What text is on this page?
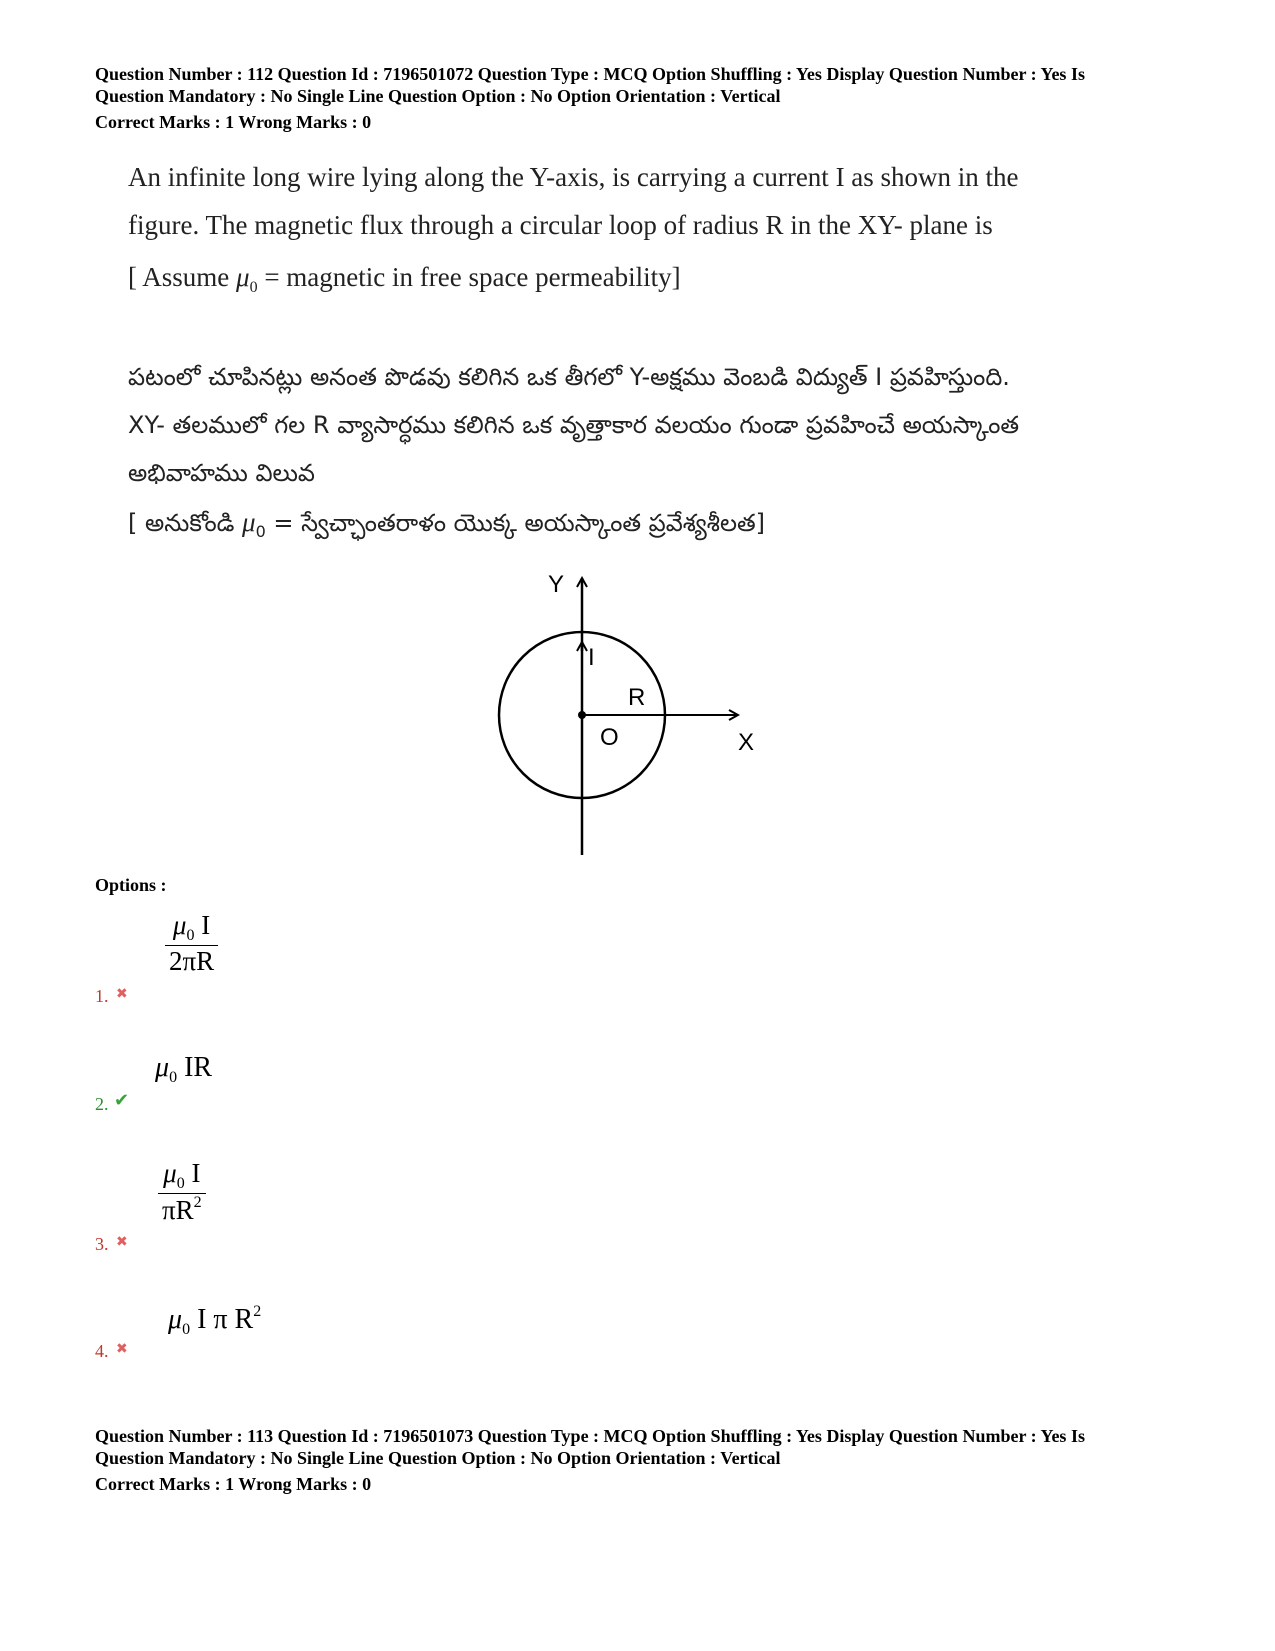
Question Number : 112 Question Id : 7196501072 Question Type : MCQ Option Shuffling : Yes Display Question Number : Yes Is
Question Mandatory : No Single Line Question Option : No Option Orientation : Vertical
Correct Marks : 1 Wrong Marks : 0
An infinite long wire lying along the Y-axis, is carrying a current I as shown in the
figure. The magnetic flux through a circular loop of radius R in the XY- plane is
[ Assume $\mu_0$ = magnetic in free space permeability]
పటంలో చూపినట్లు అనంత పొడవు కలిగిన ఒక తీగలో Y-అక్షము వెంబడి విద్యుత్ I ప్రవహిస్తుంది.
XY- తలములో గల R వ్యాసార్ధము కలిగిన ఒక వృత్తాకార వలయం గుండా ప్రవహించే అయస్కాంత
అభివాహము విలువ
[ అనుకోండి $\mu_0$ = స్వేచ్ఛాంతరాళం యొక్క అయస్కాంత ప్రవేశ్యశీలత]
Y
I
R
O	X
Options :
$\frac{\mu_0 I}{2\pi R}$
1. ✖
$\mu_0$ IR
2. ✔
$\frac{\mu_0 I}{\pi R^2}$
3. ✖
$\mu_0$ I π $R^2$
4. ✖
Question Number : 113 Question Id : 7196501073 Question Type : MCQ Option Shuffling : Yes Display Question Number : Yes Is
Question Mandatory : No Single Line Question Option : No Option Orientation : Vertical
Correct Marks : 1 Wrong Marks : 0
